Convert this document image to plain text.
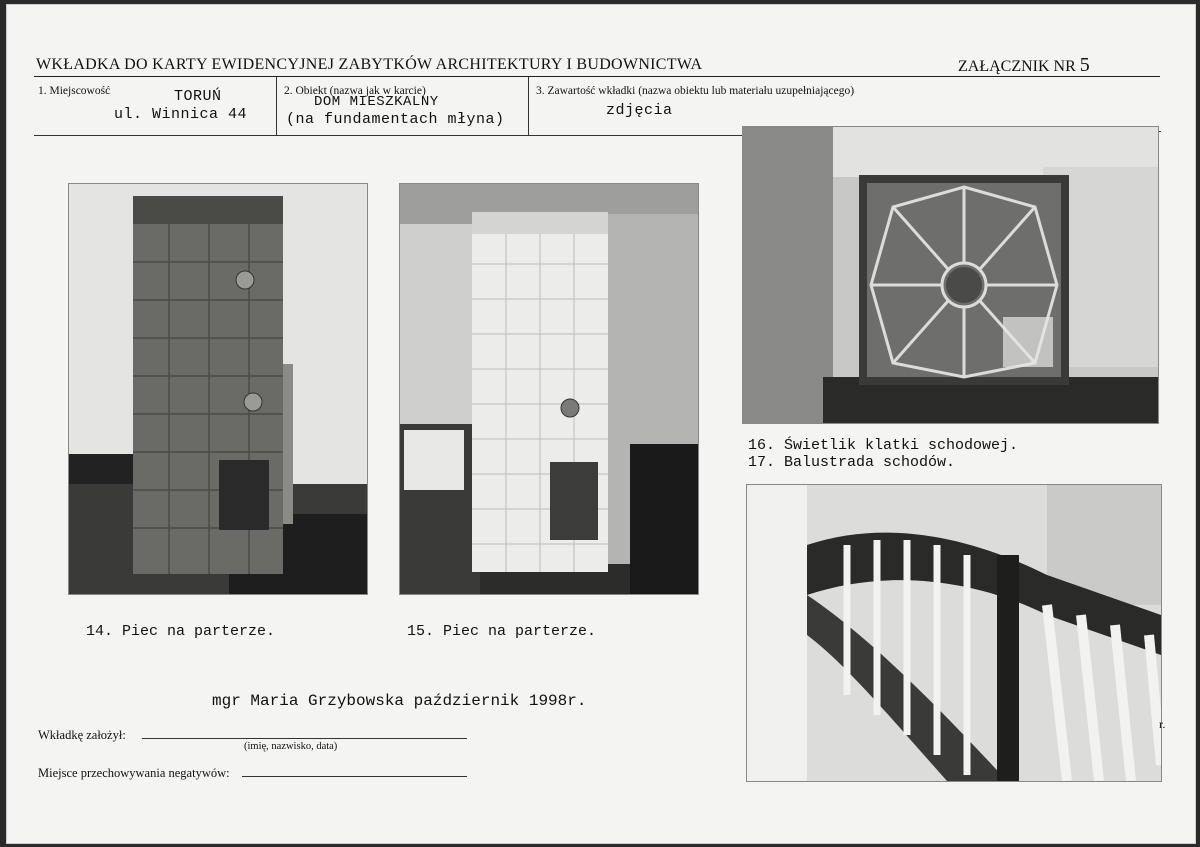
WKŁADKA DO KARTY EWIDENCYJNEJ ZABYTKÓW ARCHITEKTURY I BUDOWNICTWA	ZAŁĄCZNIK NR 5
1. Miejscowość	TORUŃ
ul. Winnica 44
2. Obiekt (nazwa jak w karcie)
DOM MIESZKALNY
(na fundamentach młyna)
3. Zawartość wkładki (nazwa obiektu lub materiału uzupełniającego)
zdjęcia
14. Piec na parterze.	15. Piec na parterze.
16. Świetlik klatki schodowej.
17. Balustrada schodów.
mgr Maria Grzybowska październik 1998r.
Wkładkę założył:
(imię, nazwisko, data)
Miejsce przechowywania negatywów:
r.
